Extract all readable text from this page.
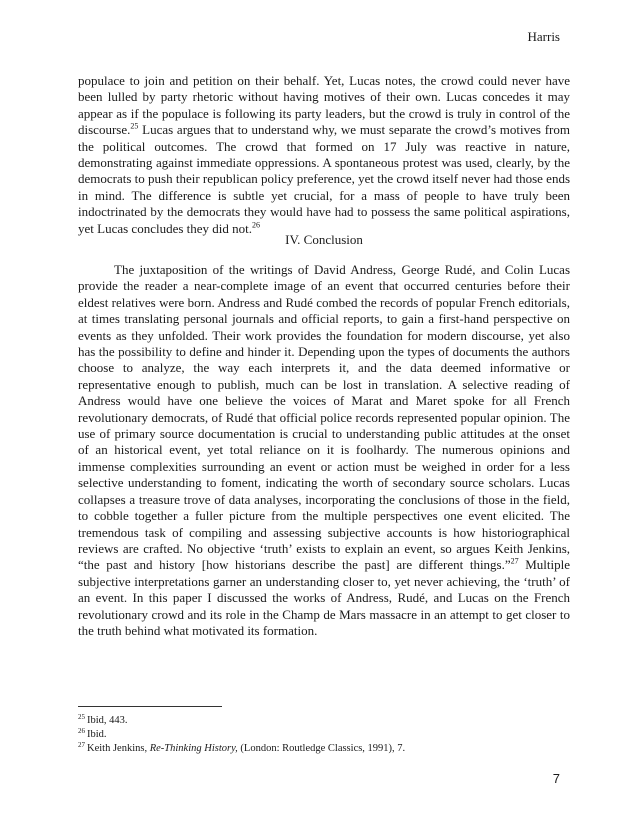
Harris

populace to join and petition on their behalf. Yet, Lucas notes, the crowd could never have been lulled by party rhetoric without having motives of their own. Lucas concedes it may appear as if the populace is following its party leaders, but the crowd is truly in control of the discourse.$^{25}$ Lucas argues that to understand why, we must separate the crowd’s motives from the political outcomes. The crowd that formed on 17 July was reactive in nature, demonstrating against immediate oppressions. A spontaneous protest was used, clearly, by the democrats to push their republican policy preference, yet the crowd itself never had those ends in mind. The difference is subtle yet crucial, for a mass of people to have truly been indoctrinated by the democrats they would have had to possess the same political aspirations, yet Lucas concludes they did not.$^{26}$

IV. Conclusion

The juxtaposition of the writings of David Andress, George Rudé, and Colin Lucas provide the reader a near-complete image of an event that occurred centuries before their eldest relatives were born. Andress and Rudé combed the records of popular French editorials, at times translating personal journals and official reports, to gain a first-hand perspective on events as they unfolded. Their work provides the foundation for modern discourse, yet also has the possibility to define and hinder it. Depending upon the types of documents the authors choose to analyze, the way each interprets it, and the data deemed informative or representative enough to publish, much can be lost in translation. A selective reading of Andress would have one believe the voices of Marat and Maret spoke for all French revolutionary democrats, of Rudé that official police records represented popular opinion. The use of primary source documentation is crucial to understanding public attitudes at the onset of an historical event, yet total reliance on it is foolhardy. The numerous opinions and immense complexities surrounding an event or action must be weighed in order for a less selective understanding to foment, indicating the worth of secondary source scholars. Lucas collapses a treasure trove of data analyses, incorporating the conclusions of those in the field, to cobble together a fuller picture from the multiple perspectives one event elicited. The tremendous task of compiling and assessing subjective accounts is how historiographical reviews are crafted. No objective ‘truth’ exists to explain an event, so argues Keith Jenkins, “the past and history [how historians describe the past] are different things.”$^{27}$ Multiple subjective interpretations garner an understanding closer to, yet never achieving, the ‘truth’ of an event. In this paper I discussed the works of Andress, Rudé, and Lucas on the French revolutionary crowd and its role in the Champ de Mars massacre in an attempt to get closer to the truth behind what motivated its formation.

$^{25}$ Ibid, 443.
$^{26}$ Ibid.
$^{27}$ Keith Jenkins, Re-Thinking History, (London: Routledge Classics, 1991), 7.
7
